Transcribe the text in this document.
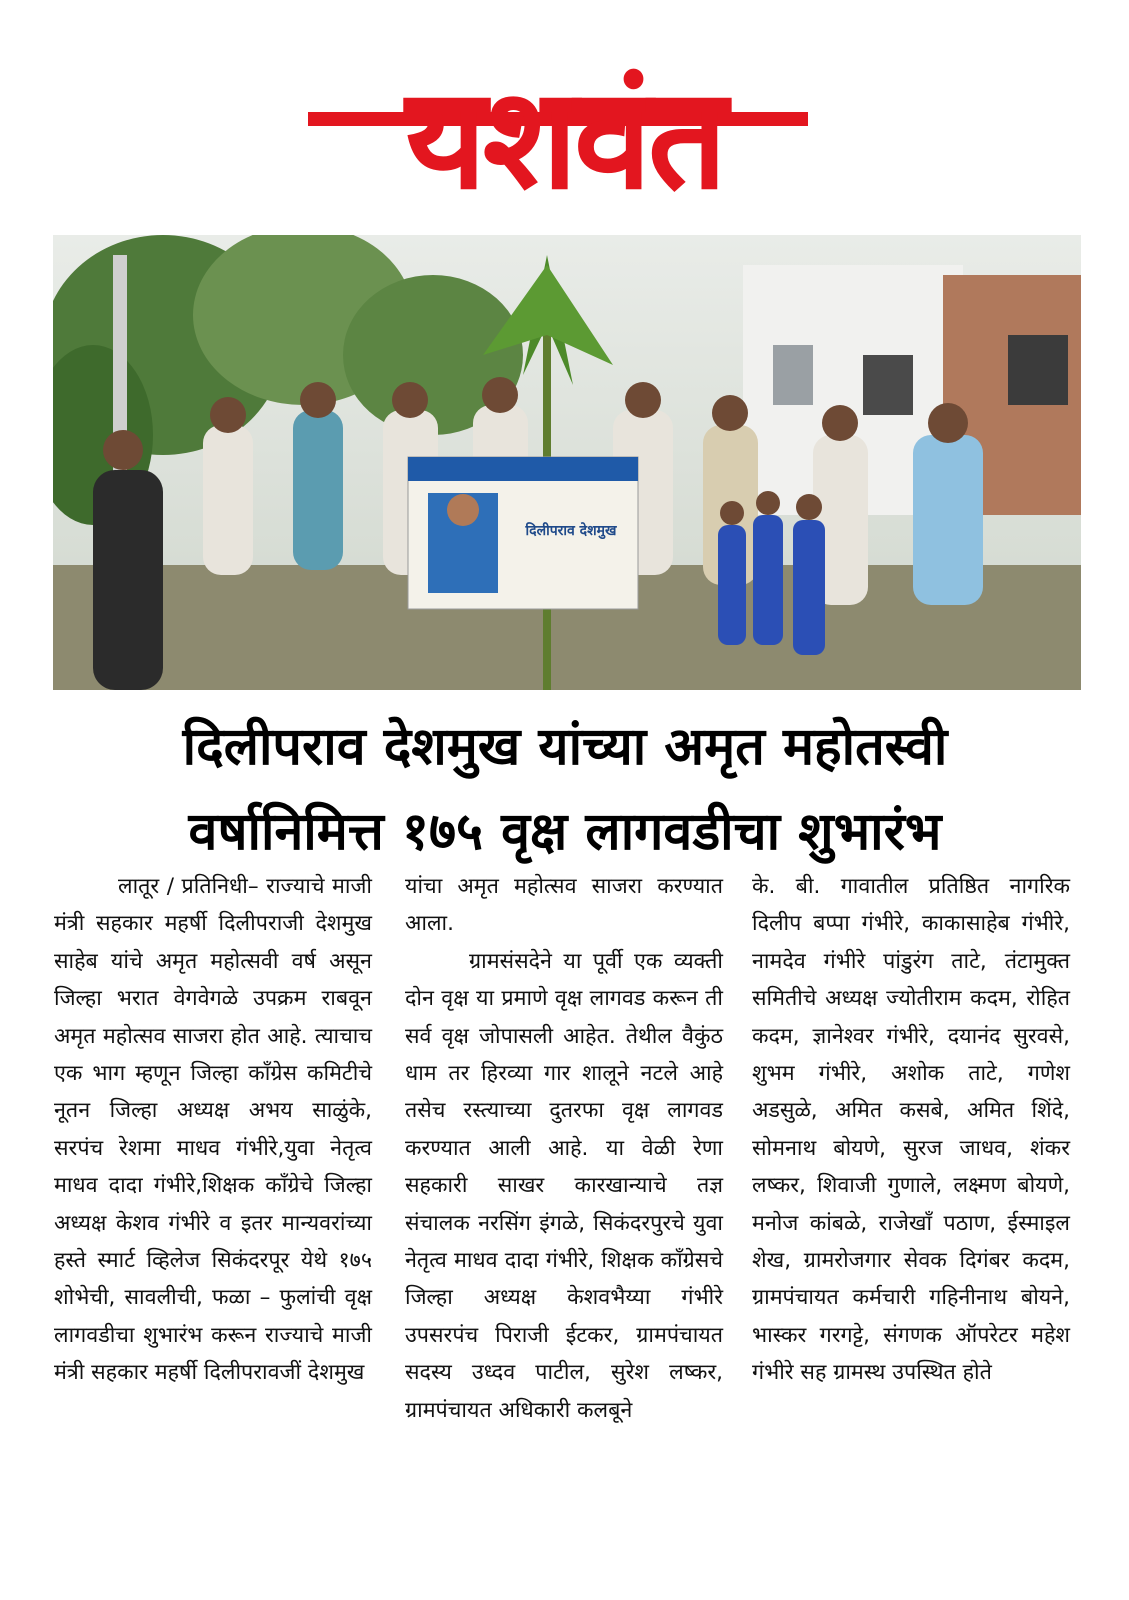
यशवंत
दिलीपराव देशमुख
दिलीपराव देशमुख यांच्या अमृत महोतस्वी
वर्षानिमित्त १७५ वृक्ष लागवडीचा शुभारंभ

लातूर / प्रतिनिधी– राज्याचे माजी मंत्री सहकार महर्षी दिलीपराजी देशमुख साहेब यांचे अमृत महोत्सवी वर्ष असून जिल्हा भरात वेगवेगळे उपक्रम राबवून अमृत महोत्सव साजरा होत आहे. त्याचाच एक भाग म्हणून जिल्हा कॉंग्रेस कमिटीचे नूतन जिल्हा अध्यक्ष अभय साळुंके, सरपंच रेशमा माधव गंभीरे,युवा नेतृत्व माधव दादा गंभीरे,शिक्षक कॉंग्रेचे जिल्हा अध्यक्ष केशव गंभीरे व इतर मान्यवरांच्या हस्ते स्मार्ट व्हिलेज सिकंदरपूर येथे १७५ शोभेची, सावलीची, फळा – फुलांची वृक्ष लागवडीचा शुभारंभ करून राज्याचे माजी मंत्री सहकार महर्षी दिलीपरावजीं देशमुख

यांचा अमृत महोत्सव साजरा करण्यात आला.

ग्रामसंसदेने या पूर्वी एक व्यक्ती दोन वृक्ष या प्रमाणे वृक्ष लागवड करून ती सर्व वृक्ष जोपासली आहेत. तेथील वैकुंठ धाम तर हिरव्या गार शालूने नटले आहे तसेच रस्त्याच्या दुतरफा वृक्ष लागवड करण्यात आली आहे. या वेळी रेणा सहकारी साखर कारखान्याचे तज्ञ संचालक नरसिंग इंगळे, सिकंदरपुरचे युवा नेतृत्व माधव दादा गंभीरे, शिक्षक कॉंग्रेसचे जिल्हा अध्यक्ष केशवभैय्या गंभीरे उपसरपंच पिराजी ईटकर, ग्रामपंचायत सदस्य उध्दव पाटील, सुरेश लष्कर, ग्रामपंचायत अधिकारी कलबूने

के. बी. गावातील प्रतिष्ठित नागरिक दिलीप बप्पा गंभीरे, काकासाहेब गंभीरे, नामदेव गंभीरे पांडुरंग ताटे, तंटामुक्त समितीचे अध्यक्ष ज्योतीराम कदम, रोहित कदम, ज्ञानेश्वर गंभीरे, दयानंद सुरवसे, शुभम गंभीरे, अशोक ताटे, गणेश अडसुळे, अमित कसबे, अमित शिंदे, सोमनाथ बोयणे, सुरज जाधव, शंकर लष्कर, शिवाजी गुणाले, लक्ष्मण बोयणे, मनोज कांबळे, राजेखाँ पठाण, ईस्माइल शेख, ग्रामरोजगार सेवक दिगंबर कदम, ग्रामपंचायत कर्मचारी गहिनीनाथ बोयने, भास्कर गरगट्टे, संगणक ऑपरेटर महेश गंभीरे सह ग्रामस्थ उपस्थित होते
